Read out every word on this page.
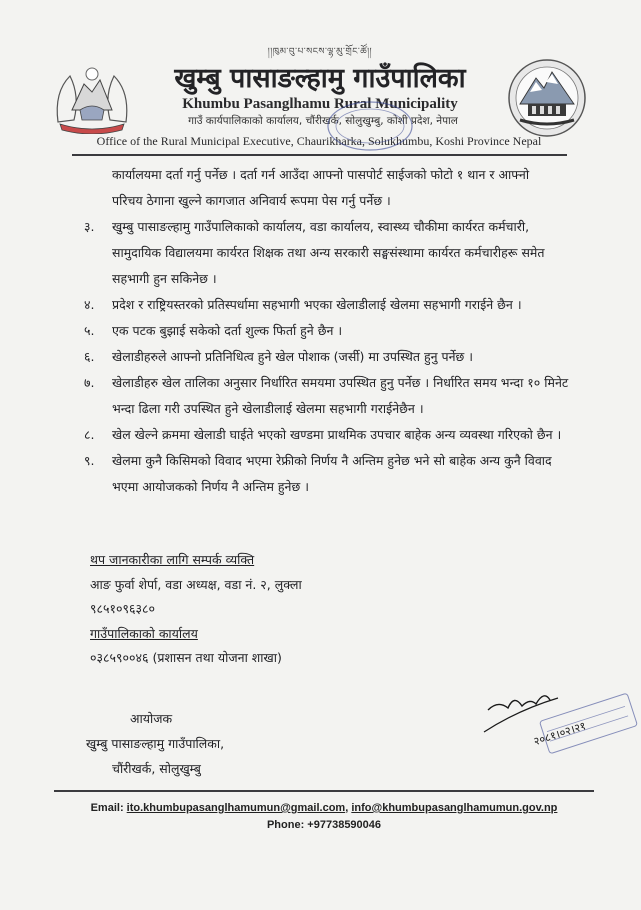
།།ཁུམ་བུ་པ་སངས་ལྷ་མུ་གྲོང་ཚོ།།
खुम्बु पासाङल्हामु गाउँपालिका
Khumbu Pasanglhamu Rural Municipality
गाउँ कार्यपालिकाको कार्यालय, चौंरीखर्क, सोलुखुम्बु, कोशी प्रदेश, नेपाल
Office of the Rural Municipal Executive, Chaurikharka, Solukhumbu, Koshi Province Nepal
कार्यालयमा दर्ता गर्नु पर्नेछ । दर्ता गर्न आउँदा आफ्नो पासपोर्ट साईजको फोटो १ थान र आफ्नो
परिचय ठेगाना खुल्ने कागजात अनिवार्य रूपमा पेस गर्नु पर्नेछ ।
३. खुम्बु पासाङल्हामु गाउँपालिकाको कार्यालय, वडा कार्यालय, स्वास्थ्य चौकीमा कार्यरत कर्मचारी, सामुदायिक विद्यालयमा कार्यरत शिक्षक तथा अन्य सरकारी सङ्घसंस्थामा कार्यरत कर्मचारीहरू समेत सहभागी हुन सकिनेछ ।
४. प्रदेश र राष्ट्रियस्तरको प्रतिस्पर्धामा सहभागी भएका खेलाडीलाई खेलमा सहभागी गराईने छैन ।
५. एक पटक बुझाई सकेको दर्ता शुल्क फिर्ता हुने छैन ।
६. खेलाडीहरुले आफ्नो प्रतिनिधित्व हुने खेल पोशाक (जर्सी) मा उपस्थित हुनु पर्नेछ ।
७. खेलाडीहरु खेल तालिका अनुसार निर्धारित समयमा उपस्थित हुनु पर्नेछ । निर्धारित समय भन्दा १० मिनेट भन्दा ढिला गरी उपस्थित हुने खेलाडीलाई खेलमा सहभागी गराईनेछैन ।
८. खेल खेल्ने क्रममा खेलाडी घाईते भएको खण्डमा प्राथमिक उपचार बाहेक अन्य व्यवस्था गरिएको छैन ।
९. खेलमा कुनै किसिमको विवाद भएमा रेफ्रीको निर्णय नै अन्तिम हुनेछ भने सो बाहेक अन्य कुनै विवाद भएमा आयोजकको निर्णय नै अन्तिम हुनेछ ।
थप जानकारीका लागि सम्पर्क व्यक्ति
आङ फुर्वा शेर्पा, वडा अध्यक्ष, वडा नं. २, लुक्ला
९८५१०९६३८०
गाउँपालिकाको कार्यालय
०३८५९००४६ (प्रशासन तथा योजना शाखा)
आयोजक
खुम्बु पासाङल्हामु गाउँपालिका,
चौंरीखर्क, सोलुखुम्बु
२०८१।०२।२१
Email: ito.khumbupasanglhamumun@gmail.com, info@khumbupasanglhamumun.gov.np
Phone: +97738590046
